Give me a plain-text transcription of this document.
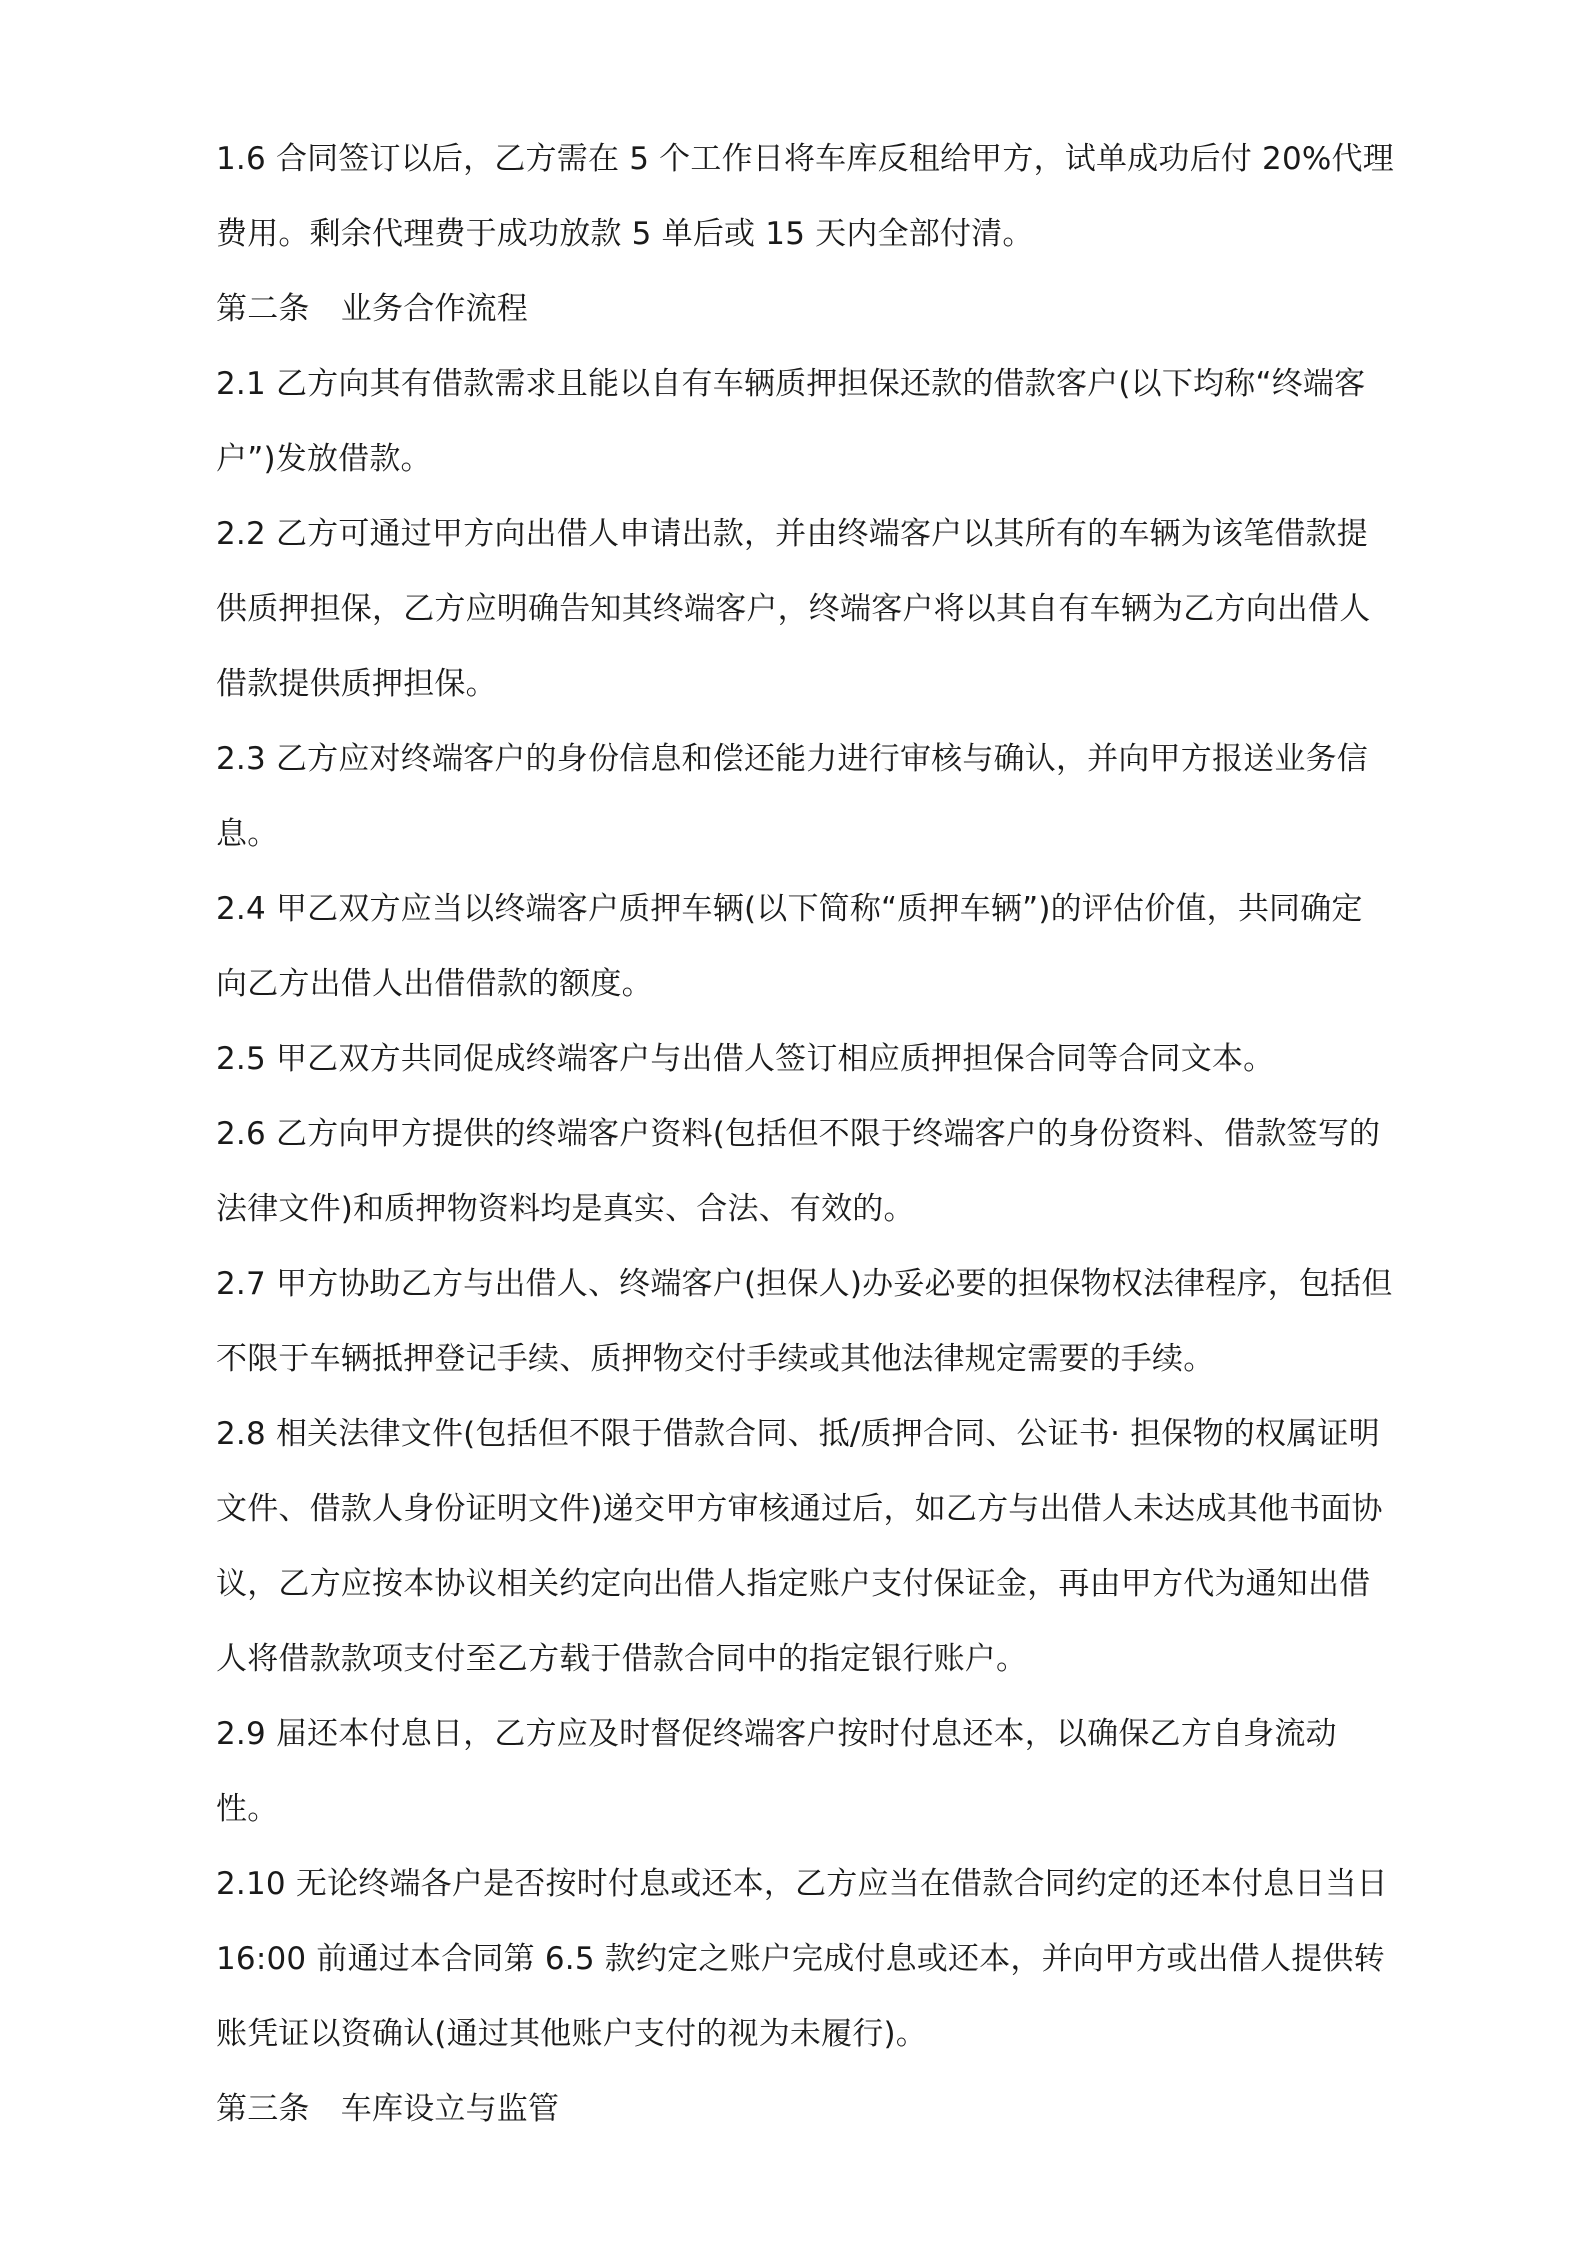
1.6 合同签订以后，乙方需在 5 个工作日将车库反租给甲方，试单成功后付 20%代理
费用。剩余代理费于成功放款 5 单后或 15 天内全部付清。
第二条　业务合作流程
2.1 乙方向其有借款需求且能以自有车辆质押担保还款的借款客户(以下均称“终端客
户”)发放借款。
2.2 乙方可通过甲方向出借人申请出款，并由终端客户以其所有的车辆为该笔借款提
供质押担保，乙方应明确告知其终端客户，终端客户将以其自有车辆为乙方向出借人
借款提供质押担保。
2.3 乙方应对终端客户的身份信息和偿还能力进行审核与确认，并向甲方报送业务信
息。
2.4 甲乙双方应当以终端客户质押车辆(以下简称“质押车辆”)的评估价值，共同确定
向乙方出借人出借借款的额度。
2.5 甲乙双方共同促成终端客户与出借人签订相应质押担保合同等合同文本。
2.6 乙方向甲方提供的终端客户资料(包括但不限于终端客户的身份资料、借款签写的
法律文件)和质押物资料均是真实、合法、有效的。
2.7 甲方协助乙方与出借人、终端客户(担保人)办妥必要的担保物权法律程序，包括但
不限于车辆抵押登记手续、质押物交付手续或其他法律规定需要的手续。
2.8 相关法律文件(包括但不限于借款合同、抵/质押合同、公证书· 担保物的权属证明
文件、借款人身份证明文件)递交甲方审核通过后，如乙方与出借人未达成其他书面协
议，乙方应按本协议相关约定向出借人指定账户支付保证金，再由甲方代为通知出借
人将借款款项支付至乙方载于借款合同中的指定银行账户。
2.9 届还本付息日，乙方应及时督促终端客户按时付息还本，以确保乙方自身流动
性。
2.10 无论终端各户是否按时付息或还本，乙方应当在借款合同约定的还本付息日当日
16:00 前通过本合同第 6.5 款约定之账户完成付息或还本，并向甲方或出借人提供转
账凭证以资确认(通过其他账户支付的视为未履行)。
第三条　车库设立与监管
